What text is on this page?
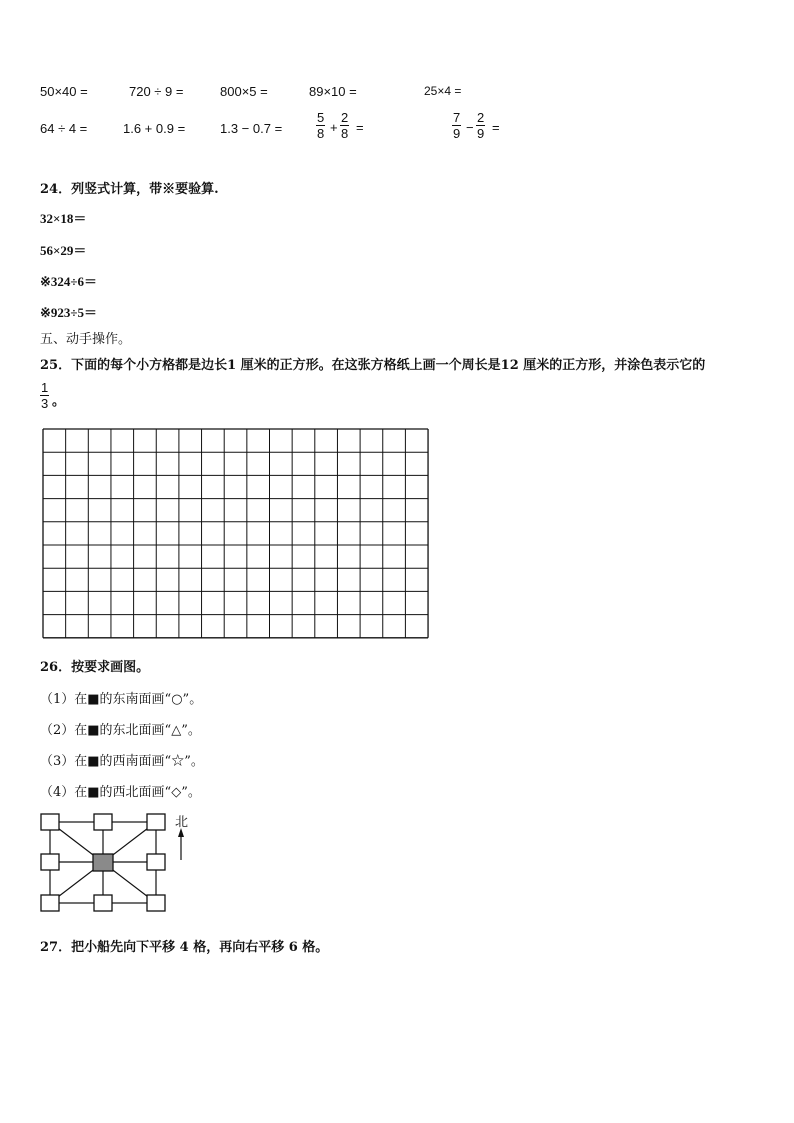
50×40 =	720 ÷ 9 =	800×5 =	89×10 =	25×4 =
64 ÷ 4 =	1.6 + 0.9 =	1.3 − 0.7 =	$\frac{5}{8} + \frac{2}{8}$ =	$\frac{7}{9} - \frac{2}{9}$ =
24．列竖式计算，带※要验算.
32×18＝
56×29＝
※324÷6＝
※923÷5＝
五、动手操作。
25．下面的每个小方格都是边长1 厘米的正方形。在这张方格纸上画一个周长是12 厘米的正方形，并涂色表示它的
$\frac{1}{3}$ 。
26．按要求画图。
（1）在■的东南面画“○”。
（2）在■的东北面画“△”。
（3）在■的西南面画“☆”。
（4）在■的西北面画“◇”。
北
27．把小船先向下平移 4 格，再向右平移 6 格。
